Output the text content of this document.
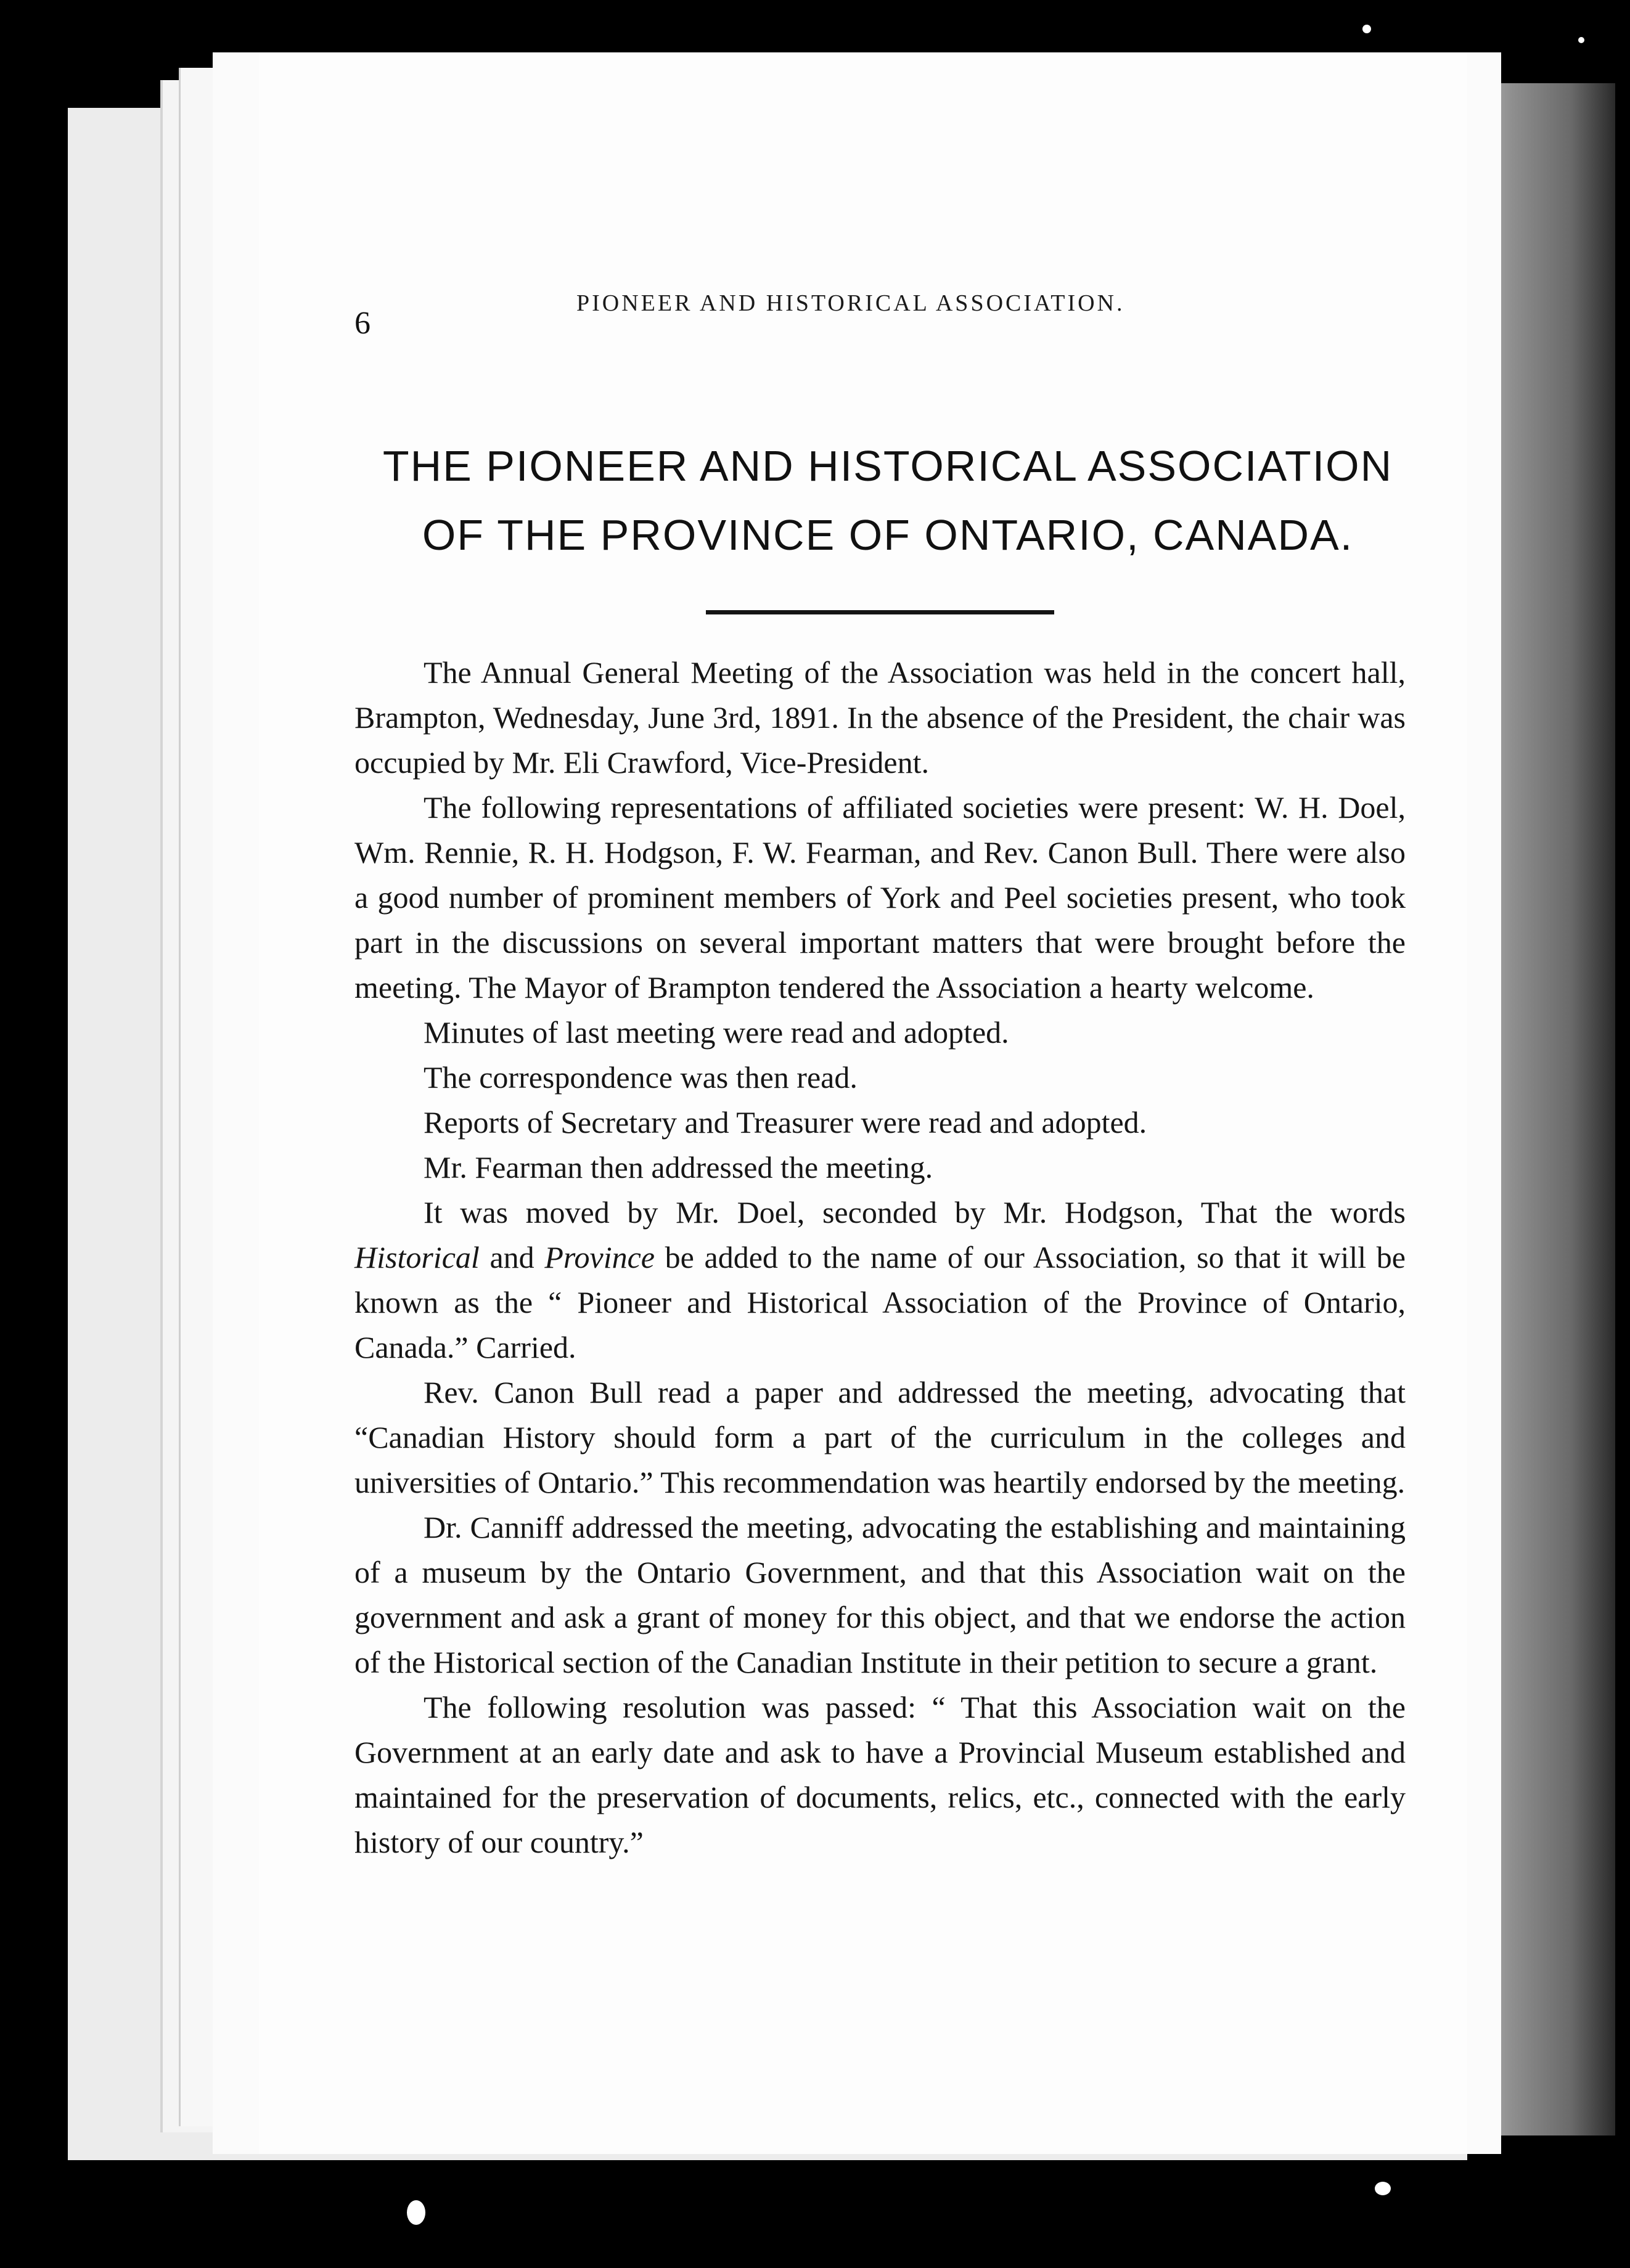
6
PIONEER AND HISTORICAL ASSOCIATION.
THE PIONEER AND HISTORICAL ASSOCIATION
OF THE PROVINCE OF ONTARIO, CANADA.

The Annual General Meeting of the Association was held in the concert hall, Brampton, Wednesday, June 3rd, 1891. In the absence of the President, the chair was occupied by Mr. Eli Crawford, Vice-President.

The following representations of affiliated societies were present: W. H. Doel, Wm. Rennie, R. H. Hodgson, F. W. Fearman, and Rev. Canon Bull. There were also a good number of prominent members of York and Peel societies present, who took part in the discussions on several important matters that were brought before the meeting. The Mayor of Brampton tendered the Association a hearty welcome.

Minutes of last meeting were read and adopted.

The correspondence was then read.

Reports of Secretary and Treasurer were read and adopted.

Mr. Fearman then addressed the meeting.

It was moved by Mr. Doel, seconded by Mr. Hodgson, That the words Historical and Province be added to the name of our Association, so that it will be known as the “ Pioneer and Historical Association of the Province of Ontario, Canada.” Carried.

Rev. Canon Bull read a paper and addressed the meeting, advocating that “Canadian History should form a part of the curriculum in the colleges and universities of Ontario.” This recommendation was heartily endorsed by the meeting.

Dr. Canniff addressed the meeting, advocating the establishing and maintaining of a museum by the Ontario Government, and that this Association wait on the government and ask a grant of money for this object, and that we endorse the action of the Historical section of the Canadian Institute in their petition to secure a grant.

The following resolution was passed: “ That this Association wait on the Government at an early date and ask to have a Provincial Museum established and maintained for the preservation of documents, relics, etc., connected with the early history of our country.”
